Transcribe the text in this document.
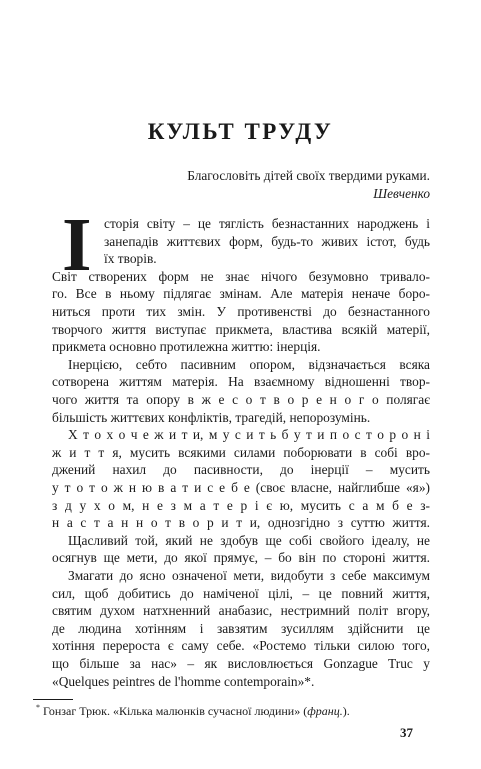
КУЛЬТ ТРУДУ
Благословіть дітей своїх твердими руками.
Шевченко
І сторія світу – це тяглість безнастанних народжень і
занепадів життєвих форм, будь-то живих істот, будь
їх творів.
Світ створених форм не знає нічого безумовно тривало-
го. Все в ньому підлягає змінам. Але матерія неначе боро-
ниться проти тих змін. У противенстві до безнастанного
творчого життя виступає прикмета, властива всякій матерії,
прикмета основно протилежна життю: інерція.
Інерцією, себто пасивним опором, відзначається всяка
сотворена життям матерія. На взаємному відношенні твор-
чого життя та опору в ж е с о т в о р е н о г о полягає
більшість життєвих конфліктів, трагедій, непорозумінь.
Х т о х о ч е ж и т и, м у с и т ь б у т и п о с т о р о н і
ж и т т я, мусить всякими силами поборювати в собі вро-
джений нахил до пасивности, до інерції – мусить
у т о т о ж н ю в а т и с е б е (своє власне, найглибше «я»)
з д у х о м, н е з м а т е р і є ю, мусить с а м б е з-
н а с т а н н о т в о р и т и, однозгідно з суттю життя.
Щасливий той, який не здобув ще собі свойого ідеалу, не
осягнув ще мети, до якої прямує, – бо він по стороні життя.
Змагати до ясно означеної мети, видобути з себе максимум
сил, щоб добитись до наміченої цілі, – це повний життя,
святим духом натхненний анабазис, нестримний політ вгору,
де людина хотінням і завзятим зусиллям здійснити це
хотіння перероста є саму себе. «Ростемо тільки силою того,
що більше за нас» – як висловлюється Gonzague Truc у
«Quelques peintres de l'homme contemporain»*.
* Гонзаг Трюк. «Кілька малюнків сучасної людини» (франц.).
37
